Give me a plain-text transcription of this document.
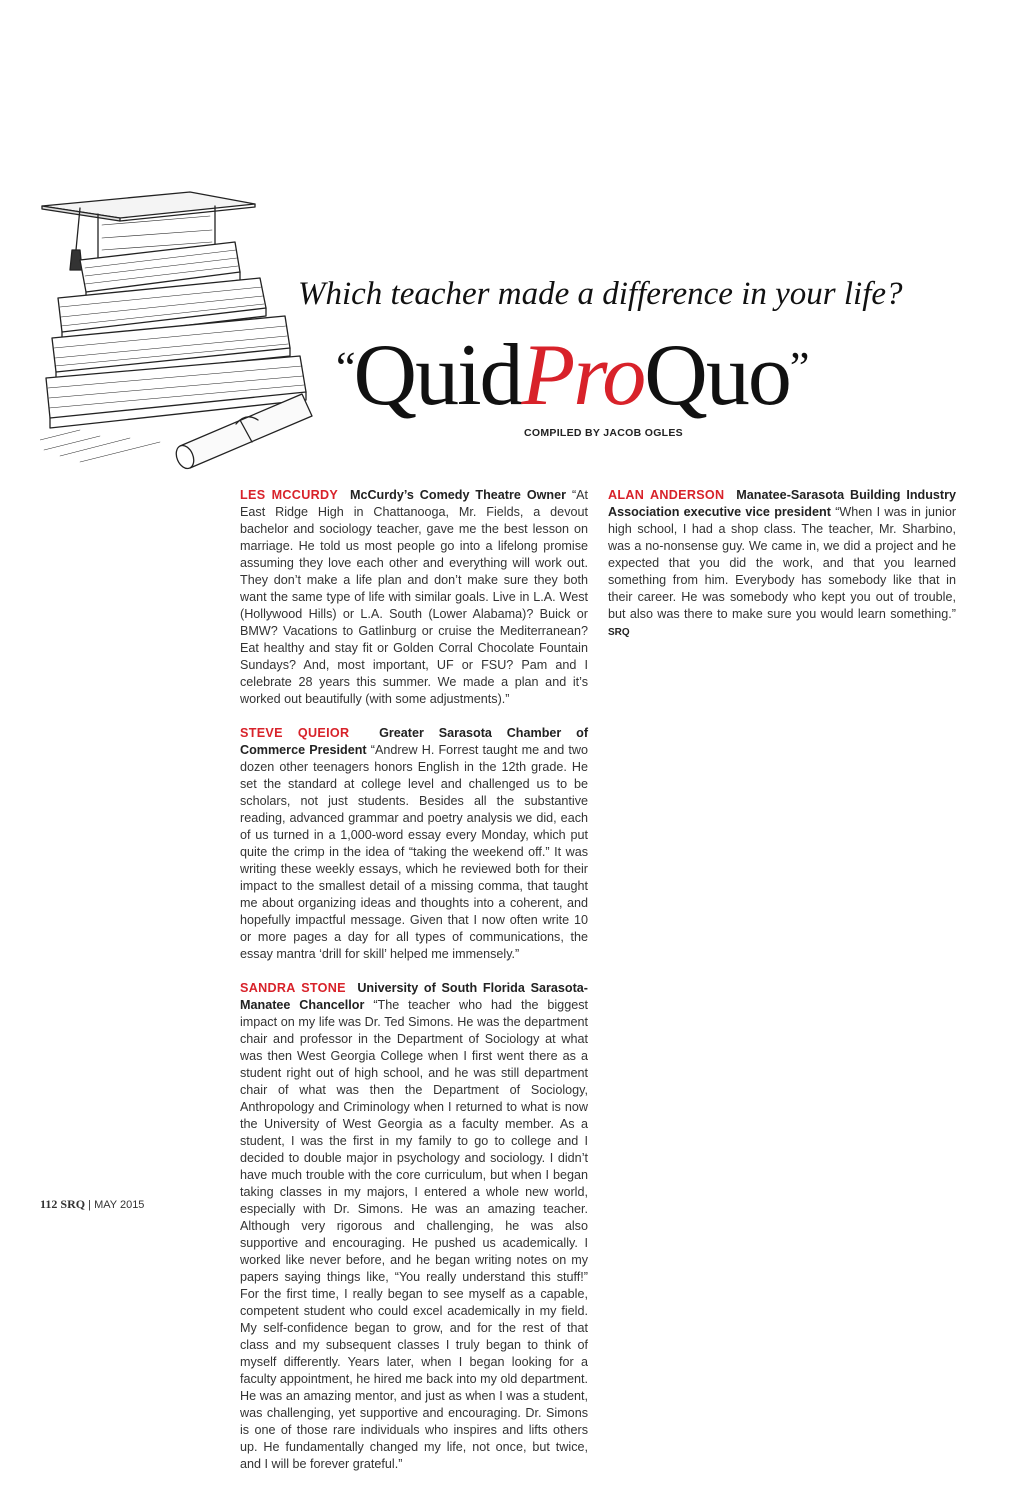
Which teacher made a difference in your life?
“QuidProQuo”
COMPILED BY JACOB OGLES

LES MCCURDY McCurdy’s Comedy Theatre Owner “At East Ridge High in Chattanooga, Mr. Fields, a devout bachelor and sociology teacher, gave me the best lesson on marriage. He told us most people go into a lifelong promise assuming they love each other and everything will work out. They don’t make a life plan and don’t make sure they both want the same type of life with similar goals. Live in L.A. West (Hollywood Hills) or L.A. South (Lower Alabama)? Buick or BMW? Vacations to Gatlinburg or cruise the Mediterranean? Eat healthy and stay fit or Golden Corral Chocolate Fountain Sundays? And, most important, UF or FSU? Pam and I celebrate 28 years this summer. We made a plan and it’s worked out beautifully (with some adjustments).”

STEVE QUEIOR Greater Sarasota Chamber of Commerce President “Andrew H. Forrest taught me and two dozen other teenagers honors English in the 12th grade. He set the standard at college level and challenged us to be scholars, not just students. Besides all the substantive reading, advanced grammar and poetry analysis we did, each of us turned in a 1,000-word essay every Monday, which put quite the crimp in the idea of “taking the weekend off.” It was writing these weekly essays, which he reviewed both for their impact to the smallest detail of a missing comma, that taught me about organizing ideas and thoughts into a coherent, and hopefully impactful message. Given that I now often write 10 or more pages a day for all types of communications, the essay mantra ‘drill for skill’ helped me immensely.”

SANDRA STONE University of South Florida Sarasota-Manatee Chancellor “The teacher who had the biggest impact on my life was Dr. Ted Simons. He was the department chair and professor in the Department of Sociology at what was then West Georgia College when I first went there as a student right out of high school, and he was still department chair of what was then the Department of Sociology, Anthropology and Criminology when I returned to what is now the University of West Georgia as a faculty member. As a student, I was the first in my family to go to college and I decided to double major in psychology and sociology. I didn’t have much trouble with the core curriculum, but when I began taking classes in my majors, I entered a whole new world, especially with Dr. Simons. He was an amazing teacher. Although very rigorous and challenging, he was also supportive and encouraging. He pushed us academically. I worked like never before, and he began writing notes on my papers saying things like, “You really understand this stuff!” For the first time, I really began to see myself as a capable, competent student who could excel academically in my field. My self-confidence began to grow, and for the rest of that class and my subsequent classes I truly began to think of myself differently. Years later, when I began looking for a faculty appointment, he hired me back into my old department. He was an amazing mentor, and just as when I was a student, was challenging, yet supportive and encouraging. Dr. Simons is one of those rare individuals who inspires and lifts others up. He fundamentally changed my life, not once, but twice, and I will be forever grateful.”

ALAN ANDERSON Manatee-Sarasota Building Industry Association executive vice president “When I was in junior high school, I had a shop class. The teacher, Mr. Sharbino, was a no-nonsense guy. We came in, we did a project and he expected that you did the work, and that you learned something from him. Everybody has somebody like that in their career. He was somebody who kept you out of trouble, but also was there to make sure you would learn something.” SRQ

112 SRQ | MAY 2015
